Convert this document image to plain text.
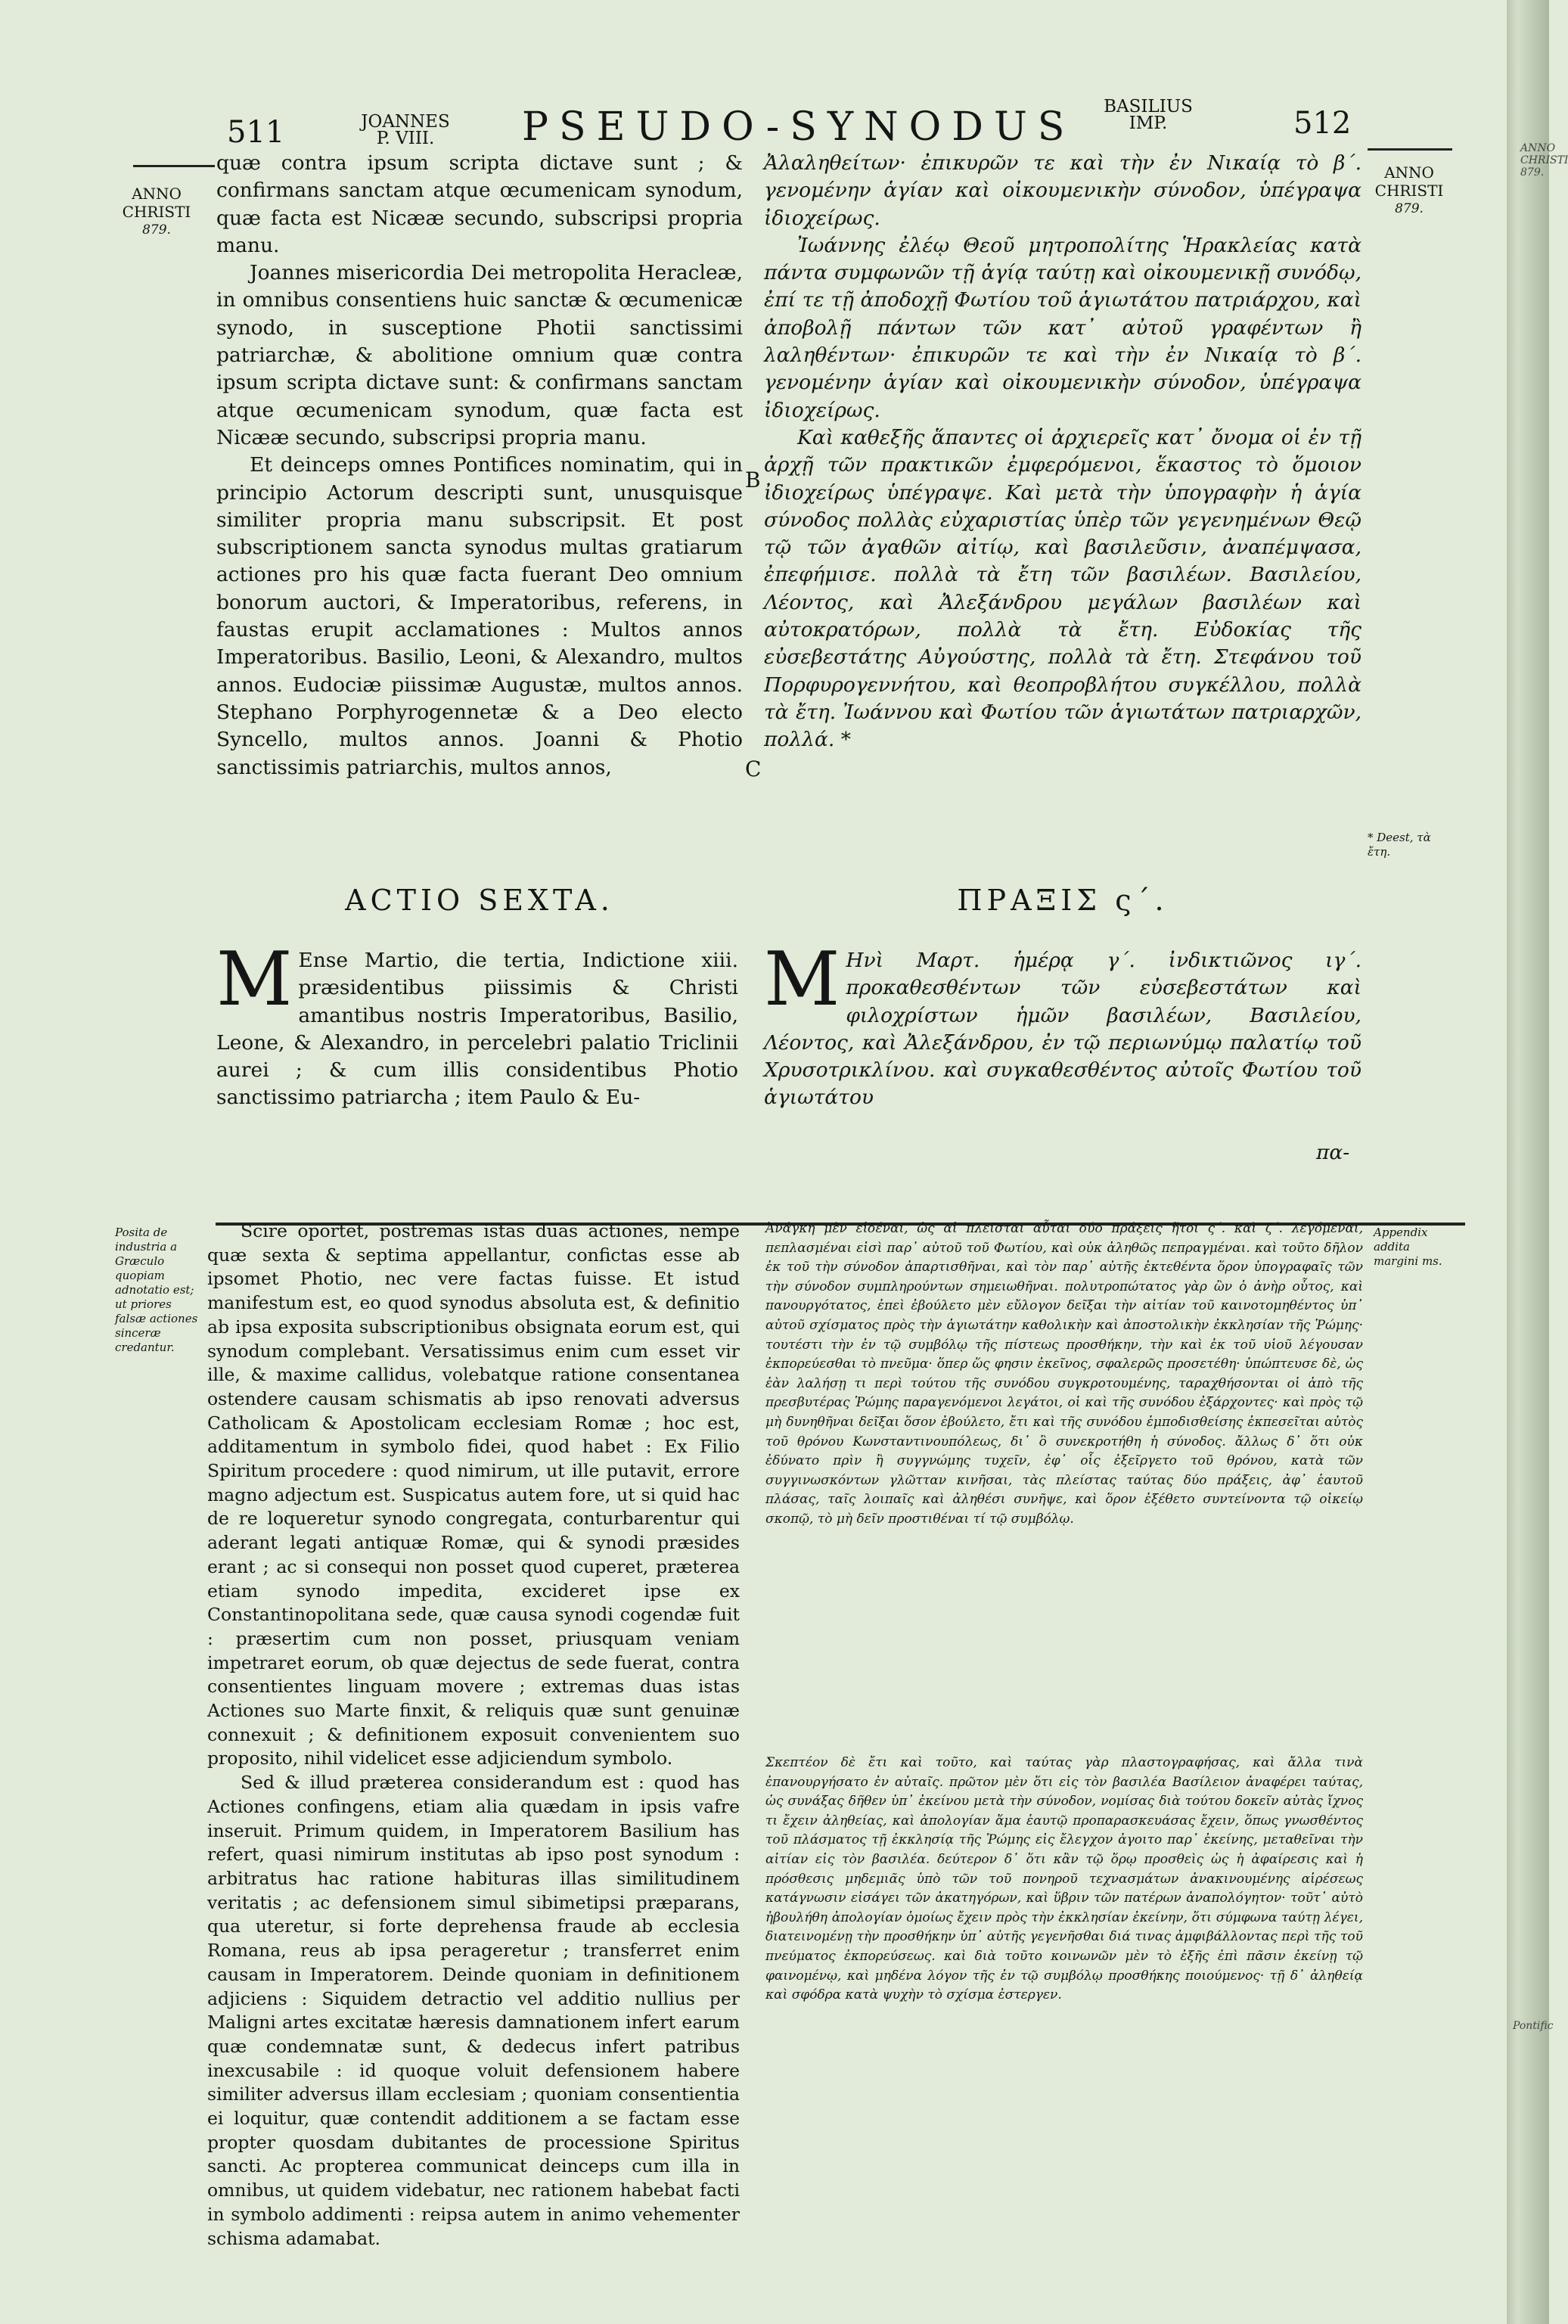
ANNO CHRISTI 879.
Pontific
511	JOANNES
P. VIII.	PSEUDO-SYNODUS	BASILIUS
IMP.	512
ANNO
CHRISTI
879.
ANNO
CHRISTI
879.

quæ contra ipsum scripta dictave sunt ; & confirmans sanctam atque œcumenicam synodum, quæ facta est Nicææ secundo, subscripsi propria manu.

Joannes misericordia Dei metropolita Heracleæ, in omnibus consentiens huic sanctæ & œcumenicæ synodo, in susceptione Photii sanctissimi patriarchæ, & abolitione omnium quæ contra ipsum scripta dictave sunt: & confirmans sanctam atque œcumenicam synodum, quæ facta est Nicææ secundo, subscripsi propria manu.

Et deinceps omnes Pontifices nominatim, qui in principio Actorum descripti sunt, unusquisque similiter propria manu subscripsit. Et post subscriptionem sancta synodus multas gratiarum actiones pro his quæ facta fuerant Deo omnium bonorum auctori, & Imperatoribus, referens, in faustas erupit acclamationes : Multos annos Imperatoribus. Basilio, Leoni, & Alexandro, multos annos. Eudociæ piissimæ Augustæ, multos annos. Stephano Porphyrogennetæ & a Deo electo Syncello, multos annos. Joanni & Photio sanctissimis patriarchis, multos annos,

B
C

Ἀλαληθείτων· ἐπικυρῶν τε καὶ τὴν ἐν Νικαίᾳ τὸ β΄. γενομένην ἁγίαν καὶ οἰκουμενικὴν σύνοδον, ὑπέγραψα ἰδιοχείρως.

Ἰωάννης ἐλέῳ Θεοῦ μητροπολίτης Ἡρακλείας κατὰ πάντα συμφωνῶν τῇ ἁγίᾳ ταύτῃ καὶ οἰκουμενικῇ συνόδῳ, ἐπί τε τῇ ἀποδοχῇ Φωτίου τοῦ ἁγιωτάτου πατριάρχου, καὶ ἀποβολῇ πάντων τῶν κατ᾽ αὐτοῦ γραφέντων ἢ λαληθέντων· ἐπικυρῶν τε καὶ τὴν ἐν Νικαίᾳ τὸ β΄. γενομένην ἁγίαν καὶ οἰκουμενικὴν σύνοδον, ὑπέγραψα ἰδιοχείρως.

Καὶ καθεξῆς ἅπαντες οἱ ἀρχιερεῖς κατ᾽ ὄνομα οἱ ἐν τῇ ἀρχῇ τῶν πρακτικῶν ἐμφερόμενοι, ἕκαστος τὸ ὅμοιον ἰδιοχείρως ὑπέγραψε. Καὶ μετὰ τὴν ὑπογραφὴν ἡ ἁγία σύνοδος πολλὰς εὐχαριστίας ὑπὲρ τῶν γεγενημένων Θεῷ τῷ τῶν ἀγαθῶν αἰτίῳ, καὶ βασιλεῦσιν, ἀναπέμψασα, ἐπεφήμισε. πολλὰ τὰ ἔτη τῶν βασιλέων. Βασιλείου, Λέοντος, καὶ Ἀλεξάνδρου μεγάλων βασιλέων καὶ αὐτοκρατόρων, πολλὰ τὰ ἔτη. Εὐδοκίας τῆς εὐσεβεστάτης Αὐγούστης, πολλὰ τὰ ἔτη. Στεφάνου τοῦ Πορφυρογεννήτου, καὶ θεοπροβλήτου συγκέλλου, πολλὰ τὰ ἔτη. Ἰωάννου καὶ Φωτίου τῶν ἁγιωτάτων πατριαρχῶν, πολλά. *

* Deest, τὰ ἔτη.
ACTIO SEXTA.
M Ense Martio, die tertia, Indictione xiii. præsidentibus piissimis & Christi amantibus nostris Imperatoribus, Basilio, Leone, & Alexandro, in percelebri palatio Triclinii aurei ; & cum illis considentibus Photio sanctissimo patriarcha ; item Paulo & Eu-
ΠΡΑΞΙΣ ς΄.
M Ηνὶ Μαρτ. ἡμέρᾳ γ΄. ἰνδικτιῶνος ιγ΄. προκαθεσθέντων τῶν εὐσεβεστάτων καὶ φιλοχρίστων ἡμῶν βασιλέων, Βασιλείου, Λέοντος, καὶ Ἀλεξάνδρου, ἐν τῷ περιωνύμῳ παλατίῳ τοῦ Χρυσοτρικλίνου. καὶ συγκαθεσθέντος αὐτοῖς Φωτίου τοῦ ἁγιωτάτου
πα-
Posita de industria a Græculo quopiam adnotatio est; ut priores falsæ actiones sinceræ credantur.

Scire oportet, postremas istas duas actiones, nempe quæ sexta & septima appellantur, confictas esse ab ipsomet Photio, nec vere factas fuisse. Et istud manifestum est, eo quod synodus absoluta est, & definitio ab ipsa exposita subscriptionibus obsignata eorum est, qui synodum complebant. Versatissimus enim cum esset vir ille, & maxime callidus, volebatque ratione consentanea ostendere causam schismatis ab ipso renovati adversus Catholicam & Apostolicam ecclesiam Romæ ; hoc est, additamentum in symbolo fidei, quod habet : Ex Filio Spiritum procedere : quod nimirum, ut ille putavit, errore magno adjectum est. Suspicatus autem fore, ut si quid hac de re loqueretur synodo congregata, conturbarentur qui aderant legati antiquæ Romæ, qui & synodi præsides erant ; ac si consequi non posset quod cuperet, præterea etiam synodo impedita, excideret ipse ex Constantinopolitana sede, quæ causa synodi cogendæ fuit : præsertim cum non posset, priusquam veniam impetraret eorum, ob quæ dejectus de sede fuerat, contra consentientes linguam movere ; extremas duas istas Actiones suo Marte finxit, & reliquis quæ sunt genuinæ connexuit ; & definitionem exposuit convenientem suo proposito, nihil videlicet esse adjiciendum symbolo.

Sed & illud præterea considerandum est : quod has Actiones confingens, etiam alia quædam in ipsis vafre inseruit. Primum quidem, in Imperatorem Basilium has refert, quasi nimirum institutas ab ipso post synodum : arbitratus hac ratione habituras illas similitudinem veritatis ; ac defensionem simul sibimetipsi præparans, qua uteretur, si forte deprehensa fraude ab ecclesia Romana, reus ab ipsa perageretur ; transferret enim causam in Imperatorem. Deinde quoniam in definitionem adjiciens : Siquidem detractio vel additio nullius per Maligni artes excitatæ hæresis damnationem infert earum quæ condemnatæ sunt, & dedecus infert patribus inexcusabile : id quoque voluit defensionem habere similiter adversus illam ecclesiam ; quoniam consentientia ei loquitur, quæ contendit additionem a se factam esse propter quosdam dubitantes de processione Spiritus sancti. Ac propterea communicat deinceps cum illa in omnibus, ut quidem videbatur, nec rationem habebat facti in symbolo addimenti : reipsa autem in animo vehementer schisma adamabat.

Ἀνάγκη μὲν εἰδέναι, ὡς αἱ πλεῖσται αὗται δύο πράξεις ἤτοι ς΄. καὶ ζ΄. λεγόμεναι, πεπλασμέναι εἰσὶ παρ᾽ αὐτοῦ τοῦ Φωτίου, καὶ οὐκ ἀληθῶς πεπραγμέναι. καὶ τοῦτο δῆλον ἐκ τοῦ τὴν σύνοδον ἀπαρτισθῆναι, καὶ τὸν παρ᾽ αὐτῆς ἐκτεθέντα ὅρον ὑπογραφαῖς τῶν τὴν σύνοδον συμπληρούντων σημειωθῆναι. πολυτροπώτατος γὰρ ὢν ὁ ἀνὴρ οὗτος, καὶ πανουργότατος, ἐπεὶ ἐβούλετο μὲν εὔλογον δεῖξαι τὴν αἰτίαν τοῦ καινοτομηθέντος ὑπ᾽ αὐτοῦ σχίσματος πρὸς τὴν ἁγιωτάτην καθολικὴν καὶ ἀποστολικὴν ἐκκλησίαν τῆς Ῥώμης· τουτέστι τὴν ἐν τῷ συμβόλῳ τῆς πίστεως προσθήκην, τὴν καὶ ἐκ τοῦ υἱοῦ λέγουσαν ἐκπορεύεσθαι τὸ πνεῦμα· ὅπερ ὥς φησιν ἐκεῖνος, σφαλερῶς προσετέθη· ὑπώπτευσε δὲ, ὡς ἐὰν λαλήσῃ τι περὶ τούτου τῆς συνόδου συγκροτουμένης, ταραχθήσονται οἱ ἀπὸ τῆς πρεσβυτέρας Ῥώμης παραγενόμενοι λεγάτοι, οἱ καὶ τῆς συνόδου ἐξάρχοντες· καὶ πρὸς τῷ μὴ δυνηθῆναι δεῖξαι ὅσον ἐβούλετο, ἔτι καὶ τῆς συνόδου ἐμποδισθείσης ἐκπεσεῖται αὐτὸς τοῦ θρόνου Κωνσταντινουπόλεως, δι᾽ ὃ συνεκροτήθη ἡ σύνοδος. ἄλλως δ᾽ ὅτι οὐκ ἐδύνατο πρὶν ἢ συγγνώμης τυχεῖν, ἐφ᾽ οἷς ἐξεῖργετο τοῦ θρόνου, κατὰ τῶν συγγινωσκόντων γλῶτταν κινῆσαι, τὰς πλείστας ταύτας δύο πράξεις, ἀφ᾽ ἑαυτοῦ πλάσας, ταῖς λοιπαῖς καὶ ἀληθέσι συνῆψε, καὶ ὅρον ἐξέθετο συντείνοντα τῷ οἰκείῳ σκοπῷ, τὸ μὴ δεῖν προστιθέναι τί τῷ συμβόλῳ.

Σκεπτέον δὲ ἔτι καὶ τοῦτο, καὶ ταύτας γὰρ πλαστογραφήσας, καὶ ἄλλα τινὰ ἐπανουργήσατο ἐν αὐταῖς. πρῶτον μὲν ὅτι εἰς τὸν βασιλέα Βασίλειον ἀναφέρει ταύτας, ὡς συνάξας δῆθεν ὑπ᾽ ἐκείνου μετὰ τὴν σύνοδον, νομίσας διὰ τούτου δοκεῖν αὐτὰς ἴχνος τι ἔχειν ἀληθείας, καὶ ἀπολογίαν ἅμα ἑαυτῷ προπαρασκευάσας ἔχειν, ὅπως γνωσθέντος τοῦ πλάσματος τῇ ἐκκλησίᾳ τῆς Ῥώμης εἰς ἔλεγχον ἀγοιτο παρ᾽ ἐκείνης, μεταθεῖναι τὴν αἰτίαν εἰς τὸν βασιλέα. δεύτερον δ᾽ ὅτι κἂν τῷ ὅρῳ προσθεὶς ὡς ἡ ἀφαίρεσις καὶ ἡ πρόσθεσις μηδεμιᾶς ὑπὸ τῶν τοῦ πονηροῦ τεχνασμάτων ἀνακινουμένης αἱρέσεως κατάγνωσιν εἰσάγει τῶν ἀκατηγόρων, καὶ ὕβριν τῶν πατέρων ἀναπολόγητον· τοῦτ᾽ αὐτὸ ἠβουλήθη ἀπολογίαν ὁμοίως ἔχειν πρὸς τὴν ἐκκλησίαν ἐκείνην, ὅτι σύμφωνα ταύτῃ λέγει, διατεινομένῃ τὴν προσθήκην ὑπ᾽ αὐτῆς γεγενῆσθαι διά τινας ἀμφιβάλλοντας περὶ τῆς τοῦ πνεύματος ἐκπορεύσεως. καὶ διὰ τοῦτο κοινωνῶν μὲν τὸ ἐξῆς ἐπὶ πᾶσιν ἐκείνῃ τῷ φαινομένῳ, καὶ μηδένα λόγον τῆς ἐν τῷ συμβόλῳ προσθήκης ποιούμενος· τῇ δ᾽ ἀληθείᾳ καὶ σφόδρα κατὰ ψυχὴν τὸ σχίσμα ἐστεργεν.

Appendix addita margini ms.
